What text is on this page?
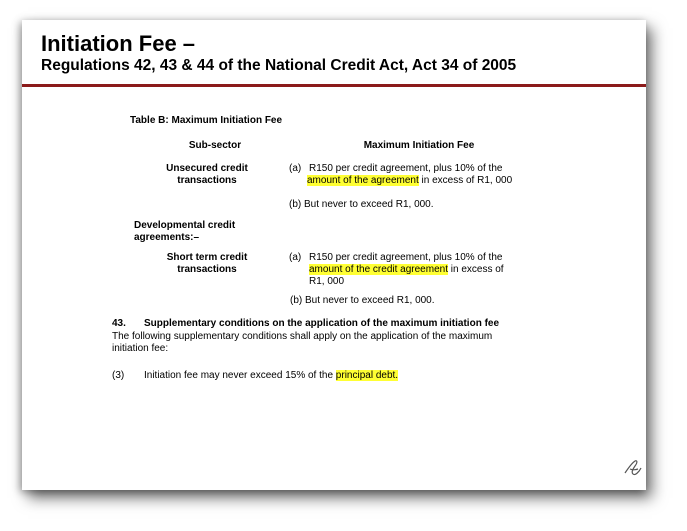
Initiation Fee –
Regulations 42, 43 & 44 of the National Credit Act, Act 34 of 2005
Table B: Maximum Initiation Fee
Sub-sector	Maximum Initiation Fee
Unsecured credit
transactions
(a) R150 per credit agreement, plus 10% of the
amount of the agreement in excess of R1, 000
(b) But never to exceed R1, 000.
Developmental credit
agreements:–
Short term credit
transactions
(a) R150 per credit agreement, plus 10% of the
amount of the credit agreement in excess of
R1, 000
(b) But never to exceed R1, 000.
43. Supplementary conditions on the application of the maximum initiation fee
The following supplementary conditions shall apply on the application of the maximum
initiation fee:
(3) Initiation fee may never exceed 15% of the principal debt.
